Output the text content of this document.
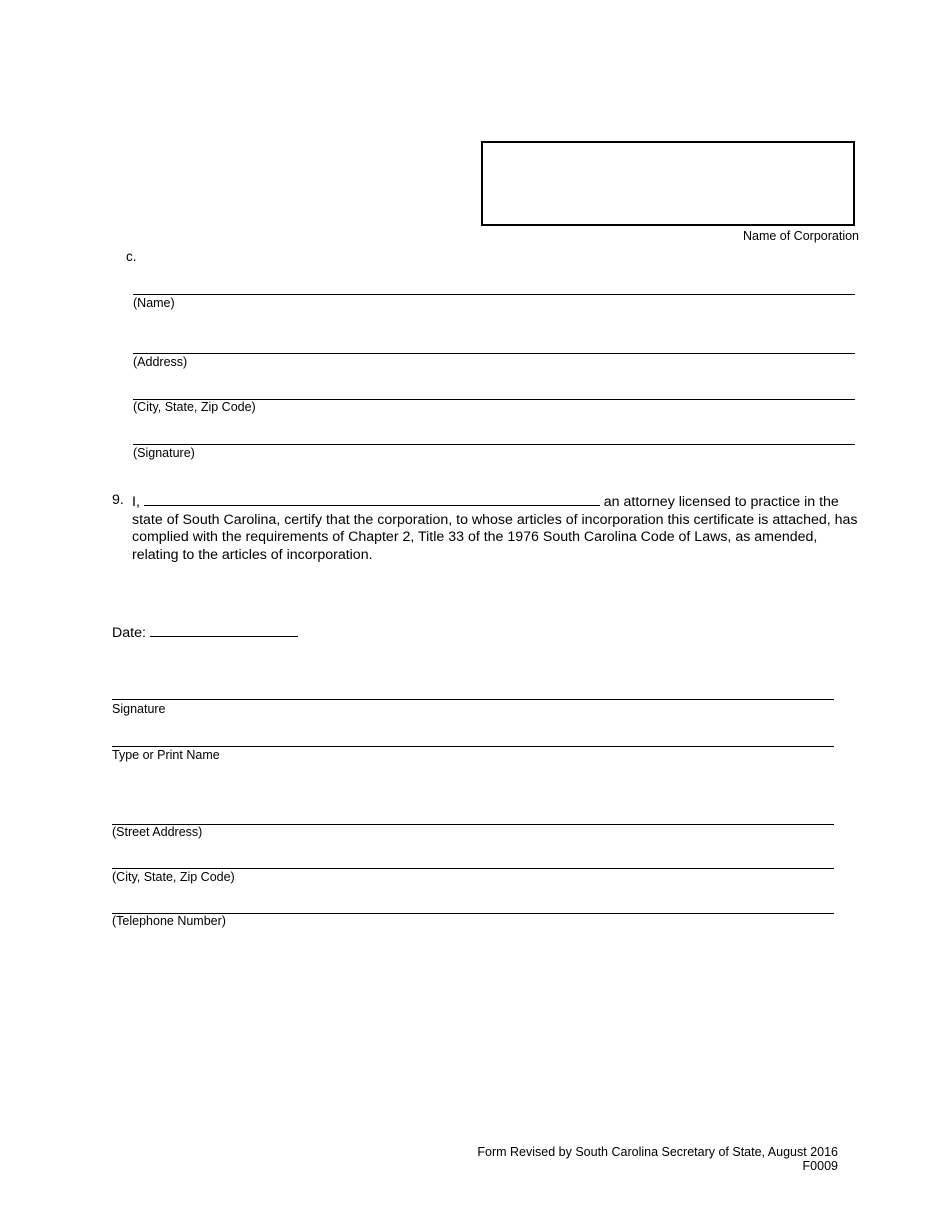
Name of Corporation
c.
(Name)
(Address)
(City, State, Zip Code)
(Signature)
9. I,	an attorney licensed to practice in the state of South Carolina, certify that the corporation, to whose articles of incorporation this certificate is attached, has complied with the requirements of Chapter 2, Title 33 of the 1976 South Carolina Code of Laws, as amended, relating to the articles of incorporation.
Date:
Signature
Type or Print Name
(Street Address)
(City, State, Zip Code)
(Telephone Number)
Form Revised by South Carolina Secretary of State, August 2016
F0009
